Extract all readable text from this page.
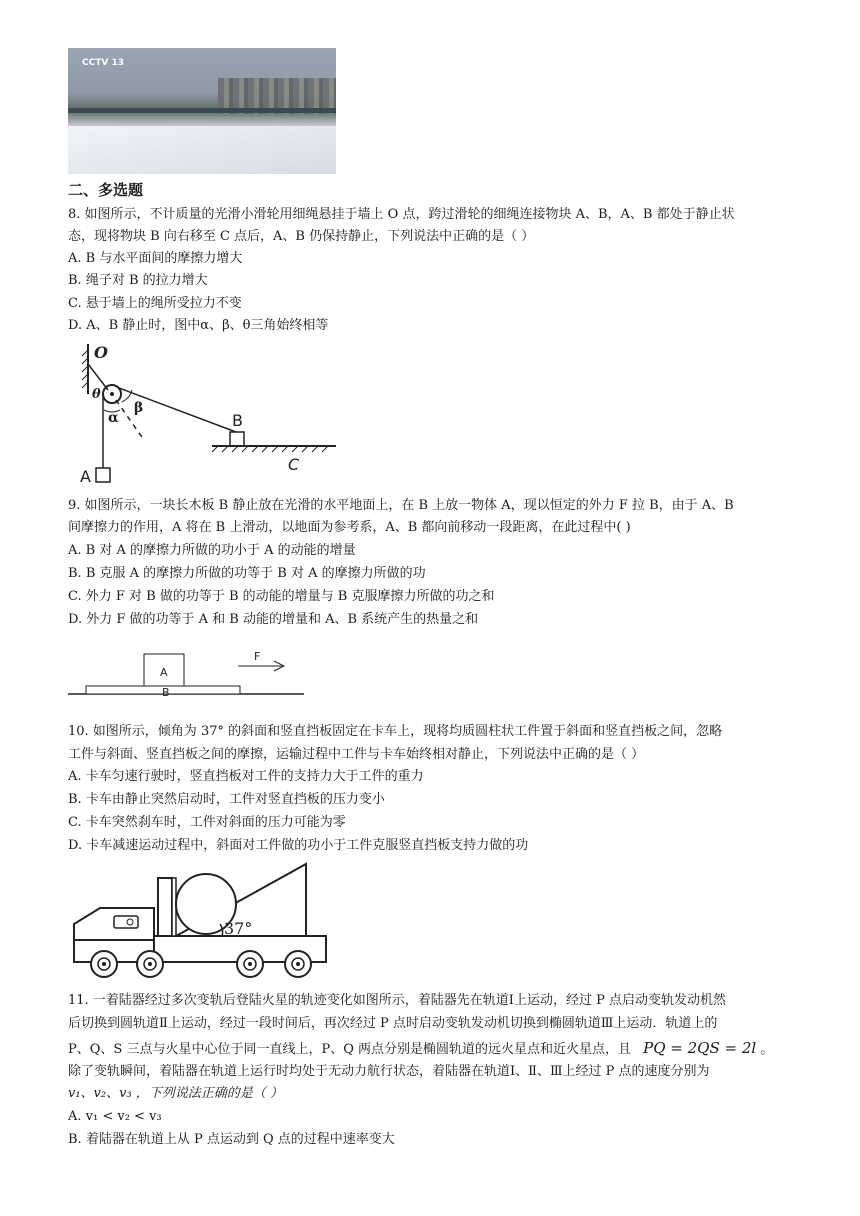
CCTV 13
二、多选题
8. 如图所示，不计质量的光滑小滑轮用细绳悬挂于墙上 O 点，跨过滑轮的细绳连接物块 A、B，A、B 都处于静止状
态，现将物块 B 向右移至 C 点后，A、B 仍保持静止，下列说法中正确的是（ ）
A. B 与水平面间的摩擦力增大
B. 绳子对 B 的拉力增大
C. 悬于墙上的绳所受拉力不变
D. A、B 静止时，图中α、β、θ三角始终相等
O
θ
α
β
B
A
C
9. 如图所示，一块长木板 B 静止放在光滑的水平地面上，在 B 上放一物体 A，现以恒定的外力 F 拉 B，由于 A、B
间摩擦力的作用，A 将在 B 上滑动，以地面为参考系，A、B 都向前移动一段距离，在此过程中( )
A. B 对 A 的摩擦力所做的功小于 A 的动能的增量
B. B 克服 A 的摩擦力所做的功等于 B 对 A 的摩擦力所做的功
C. 外力 F 对 B 做的功等于 B 的动能的增量与 B 克服摩擦力所做的功之和
D. 外力 F 做的功等于 A 和 B 动能的增量和 A、B 系统产生的热量之和
A
B
F
10. 如图所示，倾角为 37° 的斜面和竖直挡板固定在卡车上，现将均质圆柱状工件置于斜面和竖直挡板之间，忽略
工件与斜面、竖直挡板之间的摩擦，运输过程中工件与卡车始终相对静止，下列说法中正确的是（ ）
A. 卡车匀速行驶时，竖直挡板对工件的支持力大于工件的重力
B. 卡车由静止突然启动时，工件对竖直挡板的压力变小
C. 卡车突然刹车时，工件对斜面的压力可能为零
D. 卡车减速运动过程中，斜面对工件做的功小于工件克服竖直挡板支持力做的功
37°
11. 一着陆器经过多次变轨后登陆火星的轨迹变化如图所示，着陆器先在轨道Ⅰ上运动，经过 P 点启动变轨发动机然
后切换到圆轨道Ⅱ上运动，经过一段时间后，再次经过 P 点时启动变轨发动机切换到椭圆轨道Ⅲ上运动．轨道上的
P、Q、S 三点与火星中心位于同一直线上，P、Q 两点分别是椭圆轨道的远火星点和近火星点，且 PQ = 2QS = 2l 。
除了变轨瞬间，着陆器在轨道上运行时均处于无动力航行状态，着陆器在轨道Ⅰ、Ⅱ、Ⅲ上经过 P 点的速度分别为
v₁、v₂、v₃ ，下列说法正确的是（ ）
A. v₁ < v₂ < v₃
B. 着陆器在轨道上从 P 点运动到 Q 点的过程中速率变大
